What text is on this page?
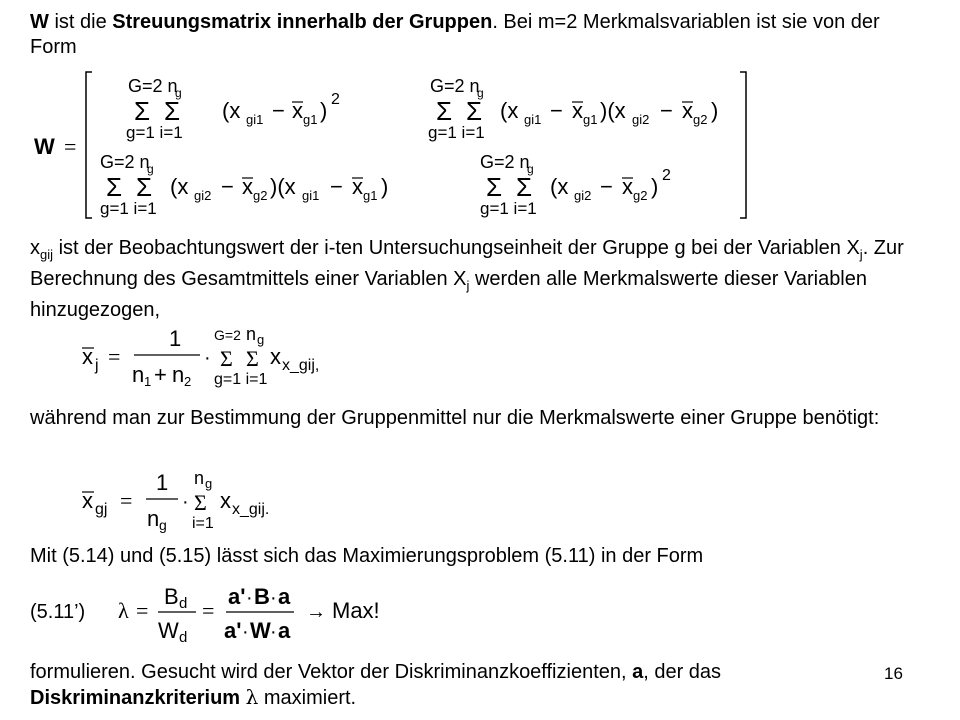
W ist die Streuungsmatrix innerhalb der Gruppen. Bei m=2 Merkmalsvariablen ist sie von der Form
W =
G=2 n
g
Σ Σ
g=1 i=1
(x gi1 − x g1 ) 2
G=2 n
g
Σ Σ
g=1 i=1
(x gi1 − x g1 )(x gi2 − x g2 )
G=2 n
g
Σ Σ
g=1 i=1
(x gi2 − x g2 )(x gi1 − x g1 )
G=2 n
g
Σ Σ
g=1 i=1
(x gi2 − x g2 ) 2
$x_{gij}$ ist der Beobachtungswert der i-ten Untersuchungseinheit der Gruppe g bei der Variablen $X_j$. Zur Berechnung des Gesamtmittels einer Variablen $X_j$ werden alle Merkmalswerte dieser Variablen hinzugezogen,
x j =
1
n 1 + n 2
·
G=2 n g
Σ Σ
g=1 i=1
x x_gij,
während man zur Bestimmung der Gruppenmittel nur die Merkmalswerte einer Gruppe benötigt:
x gj =
1
n g
·
n g
Σ
i=1
x x_gij.
Mit (5.14) und (5.15) lässt sich das Maximierungsproblem (5.11) in der Form
(5.11’)	λ =
B d
W d
=
a' · B · a
a' · W · a
→ Max!
formulieren. Gesucht wird der Vektor der Diskriminanzkoeffizienten, a, der das
Diskriminanzkriterium λ maximiert.
16
